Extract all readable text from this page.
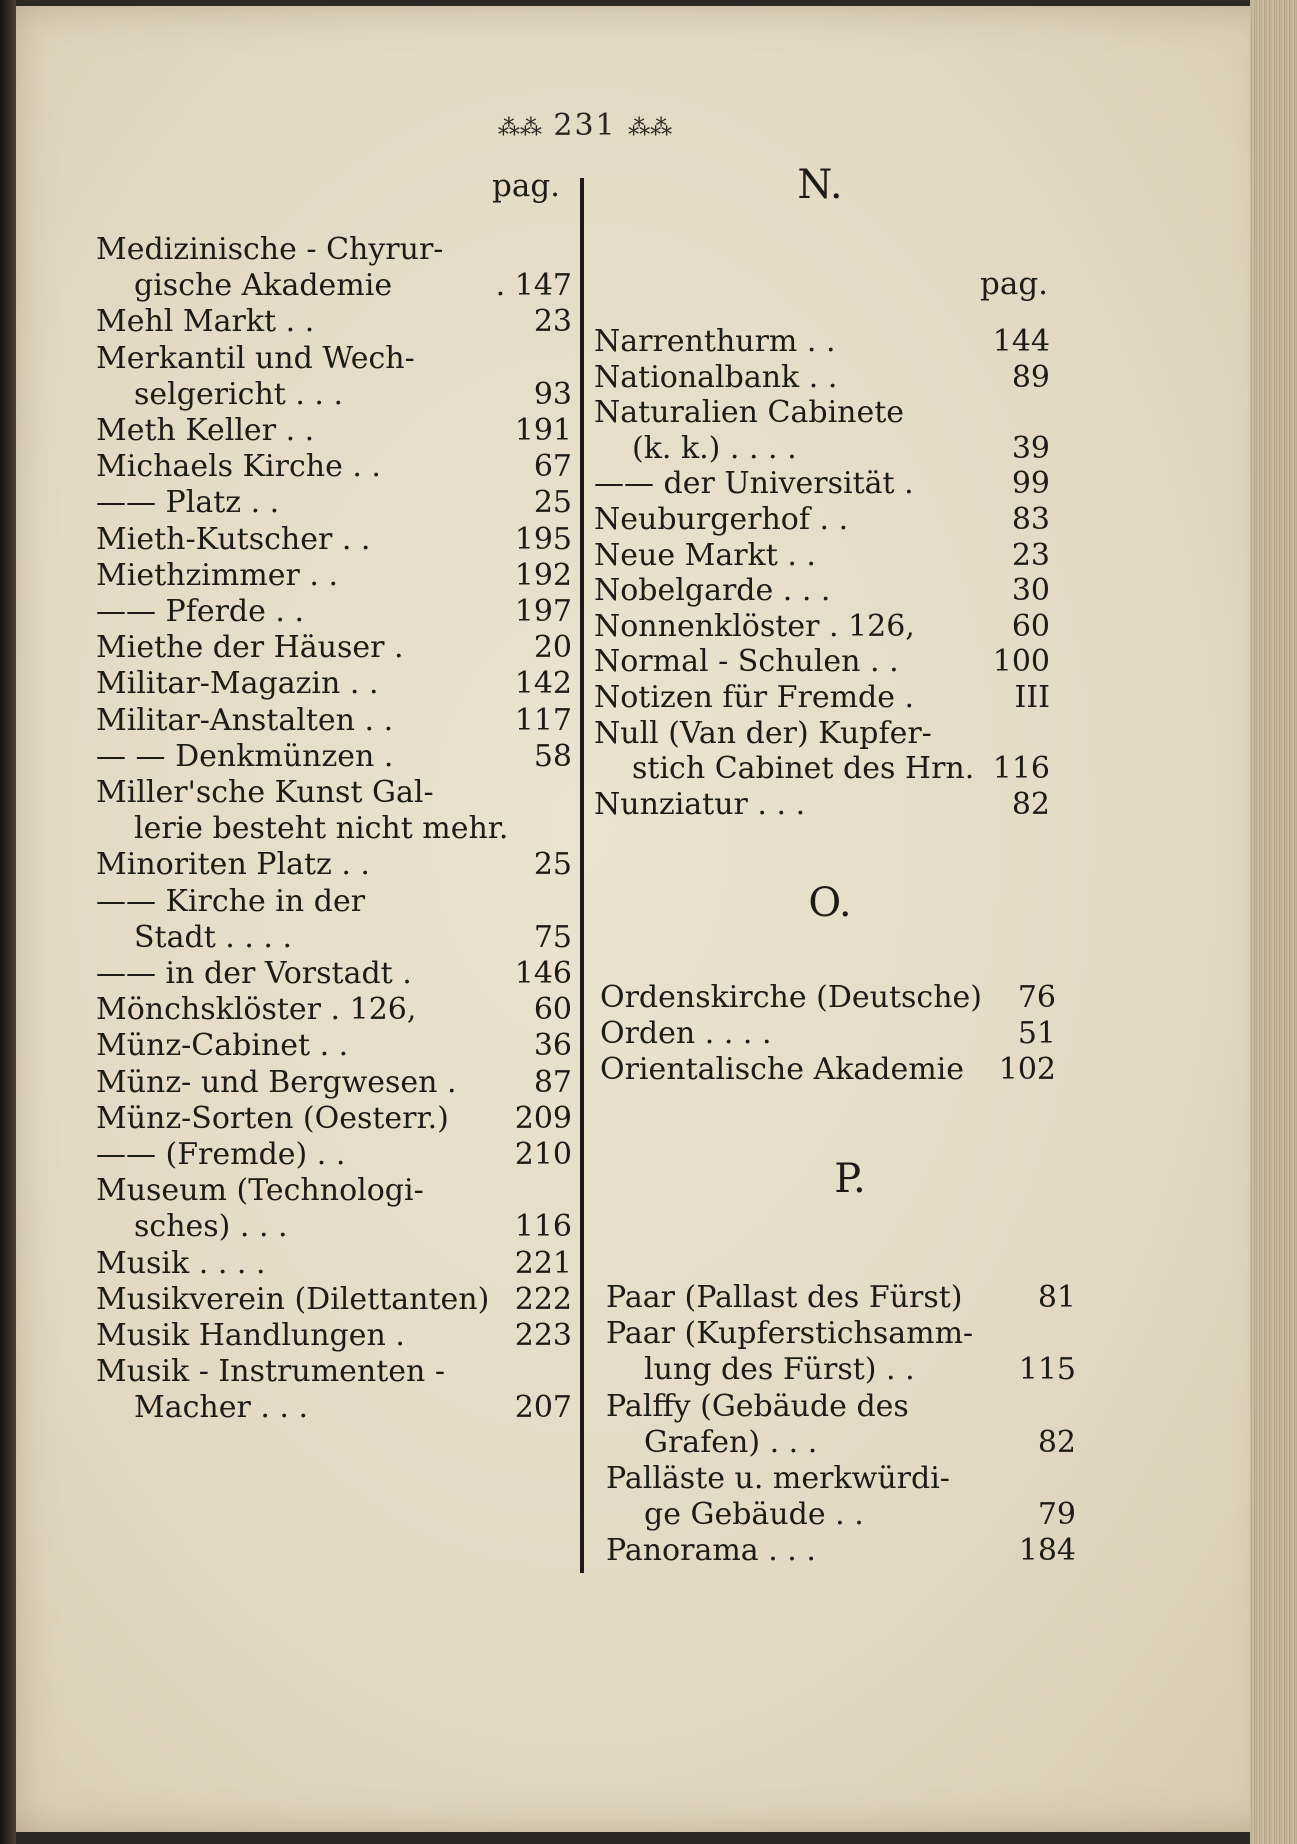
⁂⁂ 231 ⁂⁂
pag.
Medizinische - Chyrur-
gische Akademie	. 147
Mehl Markt . .	23
Merkantil und Wech-
selgericht . . .	93
Meth Keller . .	191
Michaels Kirche . .	67
—— Platz . .	25
Mieth-Kutscher . .	195
Miethzimmer . .	192
—— Pferde . .	197
Miethe der Häuser .	20
Militar-Magazin . .	142
Militar-Anstalten . .	117
— — Denkmünzen .	58
Miller'sche Kunst Gal-
lerie besteht nicht mehr.
Minoriten Platz . .	25
—— Kirche in der
Stadt . . . .	75
—— in der Vorstadt .	146
Mönchsklöster . 126,	60
Münz-Cabinet . .	36
Münz- und Bergwesen .	87
Münz-Sorten (Oesterr.) 209
—— (Fremde) . .	210
Museum (Technologi-
sches) . . .	116
Musik . . . .	221
Musikverein (Dilettanten) 222
Musik Handlungen .	223
Musik - Instrumenten -
Macher . . .	207
N.
pag.
Narrenthurm . .	144
Nationalbank . .	89
Naturalien Cabinete
(k. k.) . . . .	39
—— der Universität .	99
Neuburgerhof . .	83
Neue Markt . .	23
Nobelgarde . . .	30
Nonnenklöster . 126,	60
Normal - Schulen . .	100
Notizen für Fremde .	III
Null (Van der) Kupfer-
stich Cabinet des Hrn. 116
Nunziatur . . .	82
O.
Ordenskirche (Deutsche) 76
Orden . . . .	51
Orientalische Akademie 102
P.
Paar (Pallast des Fürst)	81
Paar (Kupferstichsamm-
lung des Fürst) . .	115
Palffy (Gebäude des
Grafen) . . .	82
Palläste u. merkwürdi-
ge Gebäude . .	79
Panorama . . .	184
